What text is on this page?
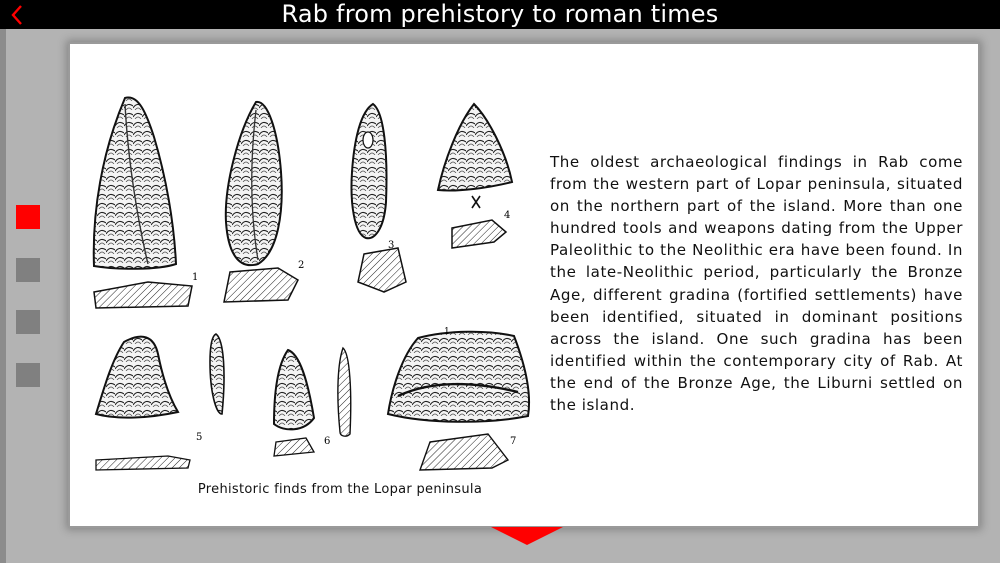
Rab from prehistory to roman times
1
2
3
4
5	6
1
7
Prehistoric finds from the Lopar peninsula
The oldest archaeological findings in Rab come from the western part of Lopar peninsula, situated on the northern part of the island. More than one hundred tools and weapons dating from the Upper Paleolithic to the Neolithic era have been found. In the late-Neolithic period, particularly the Bronze Age, different gradina (fortified settlements) have been identified, situated in dominant positions across the island. One such gradina has been identified within the contemporary city of Rab. At the end of the Bronze Age, the Liburni settled on the island.
